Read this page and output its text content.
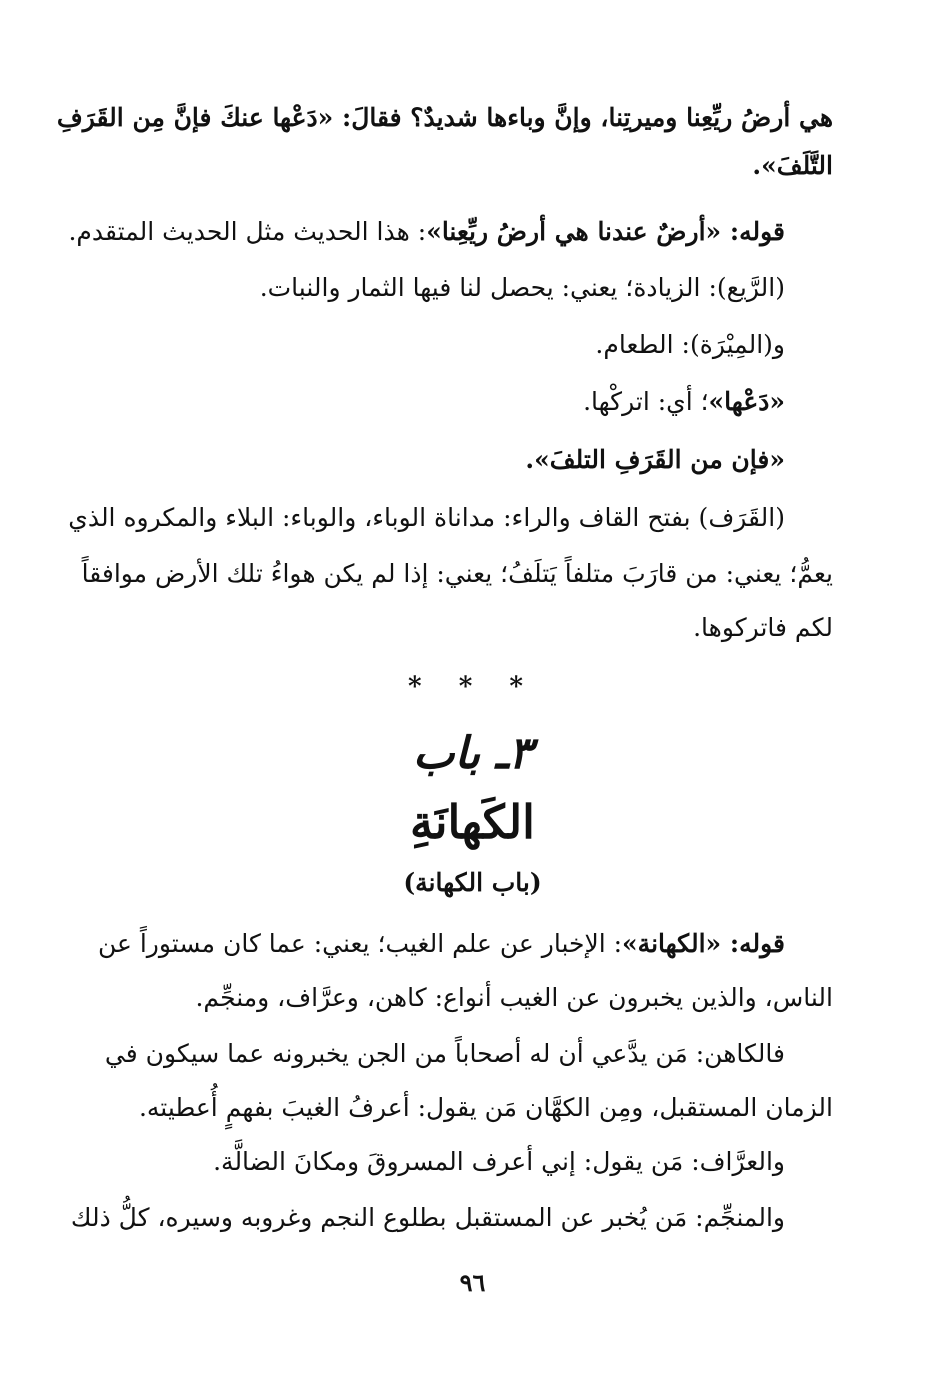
هي أرضُ ريِّعِنا وميرتِنا، وإنَّ وباءها شديدٌ؟ فقالَ: «دَعْها عنكَ فإنَّ مِن القَرَفِ
التَّلَفَ».
قوله: «أرضٌ عندنا هي أرضُ ريِّعِنا»: هذا الحديث مثل الحديث المتقدم.
(الرَّيع): الزيادة؛ يعني: يحصل لنا فيها الثمار والنبات.
و(المِيْرَة): الطعام.
«دَعْها»؛ أي: اتركْها.
«فإن من القَرَفِ التلفَ».
(القَرَف) بفتح القاف والراء: مداناة الوباء، والوباء: البلاء والمكروه الذي
يعمُّ؛ يعني: من قارَبَ متلفاً يَتلَفُ؛ يعني: إذا لم يكن هواءُ تلك الأرض موافقاً
لكم فاتركوها.
* * *
٣ـ باب
الكَهانَةِ
(باب الكهانة)
قوله: «الكهانة»: الإخبار عن علم الغيب؛ يعني: عما كان مستوراً عن
الناس، والذين يخبرون عن الغيب أنواع: كاهن، وعرَّاف، ومنجِّم.
فالكاهن: مَن يدَّعي أن له أصحاباً من الجن يخبرونه عما سيكون في
الزمان المستقبل، ومِن الكهَّان مَن يقول: أعرفُ الغيبَ بفهمٍ أُعطيته.
والعرَّاف: مَن يقول: إني أعرف المسروقَ ومكانَ الضالَّة.
والمنجِّم: مَن يُخبر عن المستقبل بطلوع النجم وغروبه وسيره، كلُّ ذلك
٩٦
